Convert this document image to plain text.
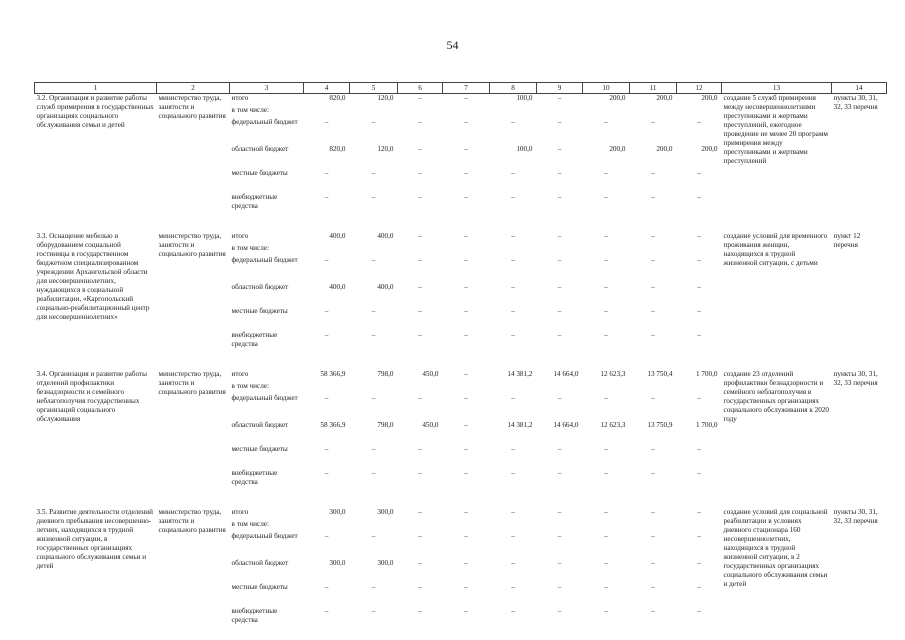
54
1	2	3	4	5	6	7	8	9	10	11	12	13	14
3.2. Организация и развитие работы служб примирения в государственных организациях социального обслуживания семьи и детей	министерство труда, занятости и социального развития	итого	820,0	120,0	–	–	100,0	–	200,0	200,0	200,0	создание 5 служб примирения между несовершеннолетними преступниками и жертвами преступлений, ежегодное проведение не менее 20 программ примирения между преступниками и жертвами преступлений	пункты 30, 31, 32, 33 перечня
		в том числе:											
		федеральный бюджет	–	–	–	–	–	–	–	–	–		
		областной бюджет	820,0	120,0	–	–	100,0	–	200,0	200,0	200,0		
		местные бюджеты	–	–	–	–	–	–	–	–	–		
		внебюджетные средства	–	–	–	–	–	–	–	–	–		

3.3. Оснащение мебелью и оборудованием социальной гостиницы в государственном бюджетном специализированном учреждении Архангельской области для несовершеннолетних, нуждающихся в социальной реабилитации, «Каргопольский социально-реабилитационный центр для несовершеннолетних»	министерство труда, занятости и социального развития	итого	400,0	400,0	–	–	–	–	–	–	–	создание условий для временного проживания женщин, находящихся в трудной жизненной ситуации, с детьми	пункт 12 перечня
		в том числе:											
		федеральный бюджет	–	–	–	–	–	–	–	–	–		
		областной бюджет	400,0	400,0	–	–	–	–	–	–	–		
		местные бюджеты	–	–	–	–	–	–	–	–	–		
		внебюджетные средства	–	–	–	–	–	–	–	–	–		

3.4. Организация и развитие работы отделений профилактики безнадзорности и семейного неблагополучия государственных организаций социального обслуживания	министерство труда, занятости и социального развития	итого	58 366,9	798,0	450,0	–	14 381,2	14 664,0	12 623,3	13 750,4	1 700,0	создание 23 отделений профилактики безнадзорности и семейного неблагополучия в государственных организациях социального обслуживания к 2020 году	пункты 30, 31, 32, 33 перечня
		в том числе:											
		федеральный бюджет	–	–	–	–	–	–	–	–	–		
		областной бюджет	58 366,9	798,0	450,0	–	14 381,2	14 664,0	12 623,3	13 750,9	1 700,0		
		местные бюджеты	–	–	–	–	–	–	–	–	–		
		внебюджетные средства	–	–	–	–	–	–	–	–	–		

3.5. Развитие деятельности отделений дневного пребывания несовершенно-летних, находящихся в трудной жизненной ситуации, в государственных организациях социального обслуживания семьи и детей	министерство труда, занятости и социального развития	итого	300,0	300,0	–	–	–	–	–	–	–	создание условий для социальной реабилитации в условиях дневного стационара 160 несовершеннолетних, находящихся в трудной жизненной ситуации, в 2 государственных организациях социального обслуживания семьи и детей	пункты 30, 31, 32, 33 перечня
		в том числе:											
		федеральный бюджет	–	–	–	–	–	–	–	–	–		
		областной бюджет	300,0	300,0	–	–	–	–	–	–	–		
		местные бюджеты	–	–	–	–	–	–	–	–	–		
		внебюджетные средства	–	–	–	–	–	–	–	–	–		
